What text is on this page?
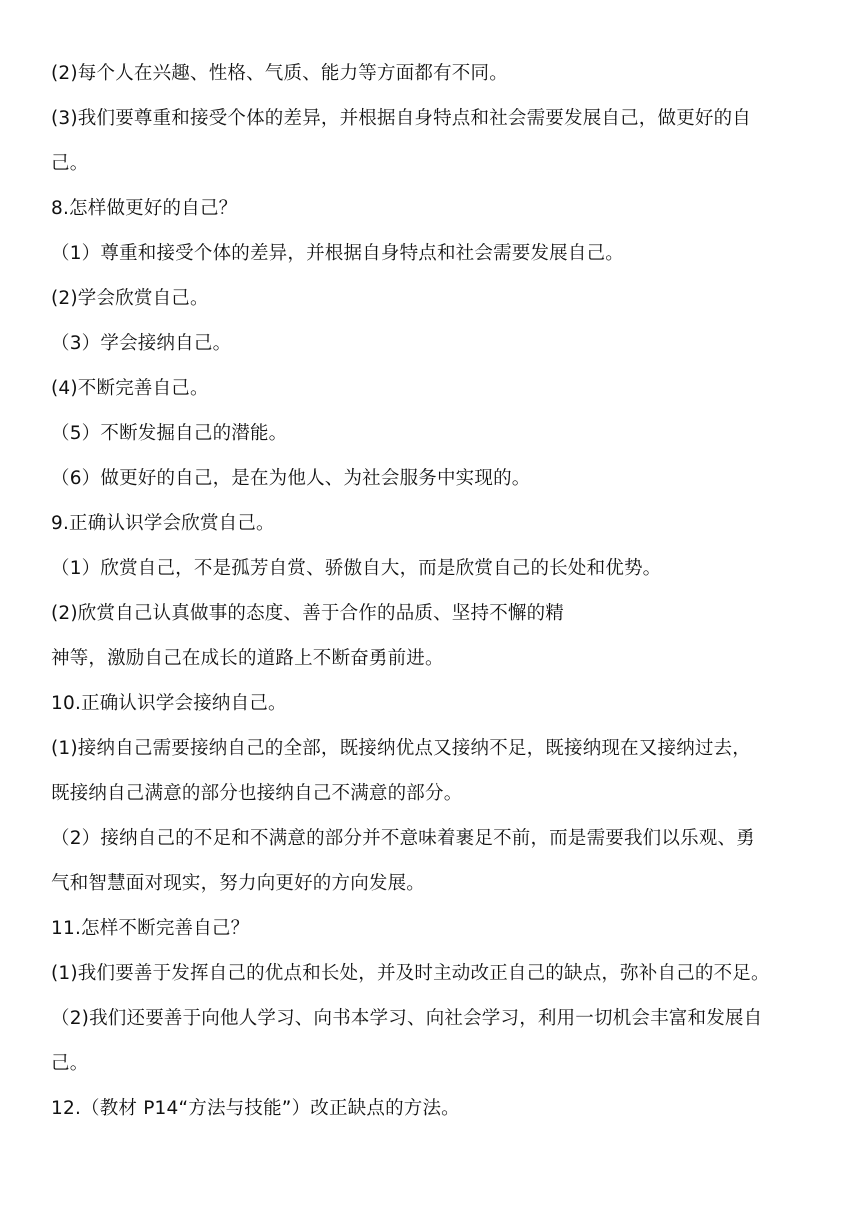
(2)每个人在兴趣、性格、气质、能力等方面都有不同。
(3)我们要尊重和接受个体的差异，并根据自身特点和社会需要发展自己，做更好的自
己。
8.怎样做更好的自己？
（1）尊重和接受个体的差异，并根据自身特点和社会需要发展自己。
(2)学会欣赏自己。
（3）学会接纳自己。
(4)不断完善自己。
（5）不断发掘自己的潜能。
（6）做更好的自己，是在为他人、为社会服务中实现的。
9.正确认识学会欣赏自己。
（1）欣赏自己，不是孤芳自赏、骄傲自大，而是欣赏自己的长处和优势。
(2)欣赏自己认真做事的态度、善于合作的品质、坚持不懈的精
神等，激励自己在成长的道路上不断奋勇前进。
10.正确认识学会接纳自己。
(1)接纳自己需要接纳自己的全部，既接纳优点又接纳不足，既接纳现在又接纳过去，
既接纳自己满意的部分也接纳自己不满意的部分。
（2）接纳自己的不足和不满意的部分并不意味着裹足不前，而是需要我们以乐观、勇
气和智慧面对现实，努力向更好的方向发展。
11.怎样不断完善自己？
(1)我们要善于发挥自己的优点和长处，并及时主动改正自己的缺点，弥补自己的不足。
（2)我们还要善于向他人学习、向书本学习、向社会学习，利用一切机会丰富和发展自
己。
12.（教材 P14“方法与技能”）改正缺点的方法。
